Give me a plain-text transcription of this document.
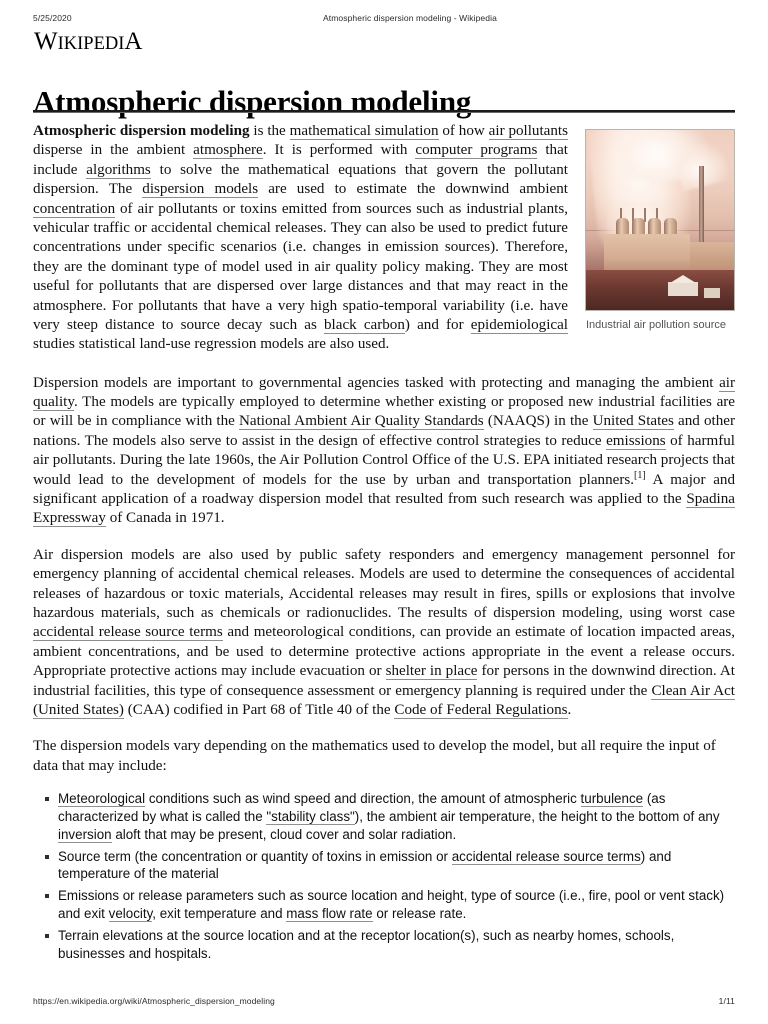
5/25/2020	Atmospheric dispersion modeling - Wikipedia
WIKIPEDIA
Atmospheric dispersion modeling
Industrial air pollution source

Atmospheric dispersion modeling is the mathematical simulation of how air pollutants disperse in the ambient atmosphere. It is performed with computer programs that include algorithms to solve the mathematical equations that govern the pollutant dispersion. The dispersion models are used to estimate the downwind ambient concentration of air pollutants or toxins emitted from sources such as industrial plants, vehicular traffic or accidental chemical releases. They can also be used to predict future concentrations under specific scenarios (i.e. changes in emission sources). Therefore, they are the dominant type of model used in air quality policy making. They are most useful for pollutants that are dispersed over large distances and that may react in the atmosphere. For pollutants that have a very high spatio-temporal variability (i.e. have very steep distance to source decay such as black carbon) and for epidemiological studies statistical land-use regression models are also used.

Dispersion models are important to governmental agencies tasked with protecting and managing the ambient air quality. The models are typically employed to determine whether existing or proposed new industrial facilities are or will be in compliance with the National Ambient Air Quality Standards (NAAQS) in the United States and other nations. The models also serve to assist in the design of effective control strategies to reduce emissions of harmful air pollutants. During the late 1960s, the Air Pollution Control Office of the U.S. EPA initiated research projects that would lead to the development of models for the use by urban and transportation planners.[1] A major and significant application of a roadway dispersion model that resulted from such research was applied to the Spadina Expressway of Canada in 1971.

Air dispersion models are also used by public safety responders and emergency management personnel for emergency planning of accidental chemical releases. Models are used to determine the consequences of accidental releases of hazardous or toxic materials, Accidental releases may result in fires, spills or explosions that involve hazardous materials, such as chemicals or radionuclides. The results of dispersion modeling, using worst case accidental release source terms and meteorological conditions, can provide an estimate of location impacted areas, ambient concentrations, and be used to determine protective actions appropriate in the event a release occurs. Appropriate protective actions may include evacuation or shelter in place for persons in the downwind direction. At industrial facilities, this type of consequence assessment or emergency planning is required under the Clean Air Act (United States) (CAA) codified in Part 68 of Title 40 of the Code of Federal Regulations.

The dispersion models vary depending on the mathematics used to develop the model, but all require the input of data that may include:

Meteorological conditions such as wind speed and direction, the amount of atmospheric turbulence (as characterized by what is called the "stability class"), the ambient air temperature, the height to the bottom of any inversion aloft that may be present, cloud cover and solar radiation.
Source term (the concentration or quantity of toxins in emission or accidental release source terms) and temperature of the material
Emissions or release parameters such as source location and height, type of source (i.e., fire, pool or vent stack) and exit velocity, exit temperature and mass flow rate or release rate.
Terrain elevations at the source location and at the receptor location(s), such as nearby homes, schools, businesses and hospitals.
https://en.wikipedia.org/wiki/Atmospheric_dispersion_modeling	1/11
